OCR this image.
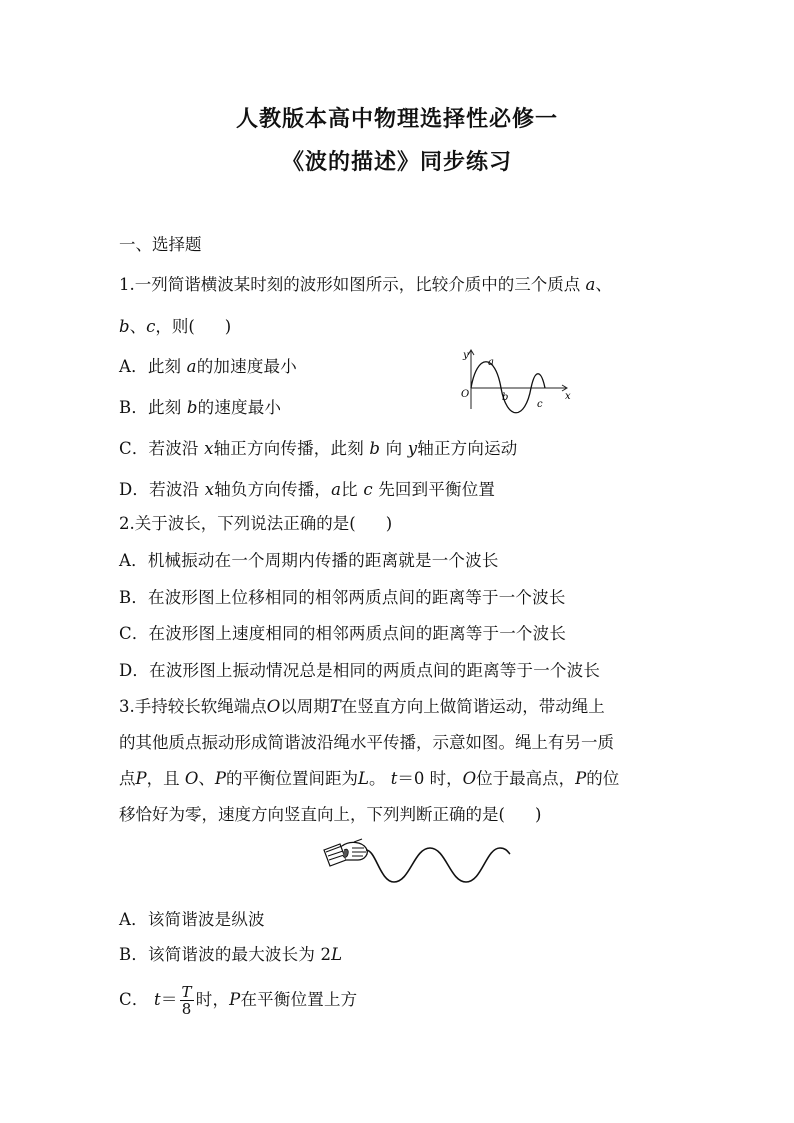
人教版本高中物理选择性必修一
《波的描述》同步练习
一、选择题
1.一列简谐横波某时刻的波形如图所示，比较介质中的三个质点 a、
b、c，则( )
A．此刻 a的加速度最小
B．此刻 b的速度最小
C．若波沿 x轴正方向传播，此刻 b 向 y轴正方向运动
D．若波沿 x轴负方向传播，a比 c 先回到平衡位置
y
x
O
a
b
c
2.关于波长，下列说法正确的是( )
A．机械振动在一个周期内传播的距离就是一个波长
B．在波形图上位移相同的相邻两质点间的距离等于一个波长
C．在波形图上速度相同的相邻两质点间的距离等于一个波长
D．在波形图上振动情况总是相同的两质点间的距离等于一个波长
3.手持较长软绳端点O以周期T在竖直方向上做简谐运动，带动绳上
的其他质点振动形成简谐波沿绳水平传播，示意如图。绳上有另一质
点P，且 O、P的平衡位置间距为L。 t＝0 时，O位于最高点，P的位
移恰好为零，速度方向竖直向上，下列判断正确的是( )
A．该简谐波是纵波
B．该简谐波的最大波长为 2L
C． $t= \frac{T}{8}$ 时，P在平衡位置上方
